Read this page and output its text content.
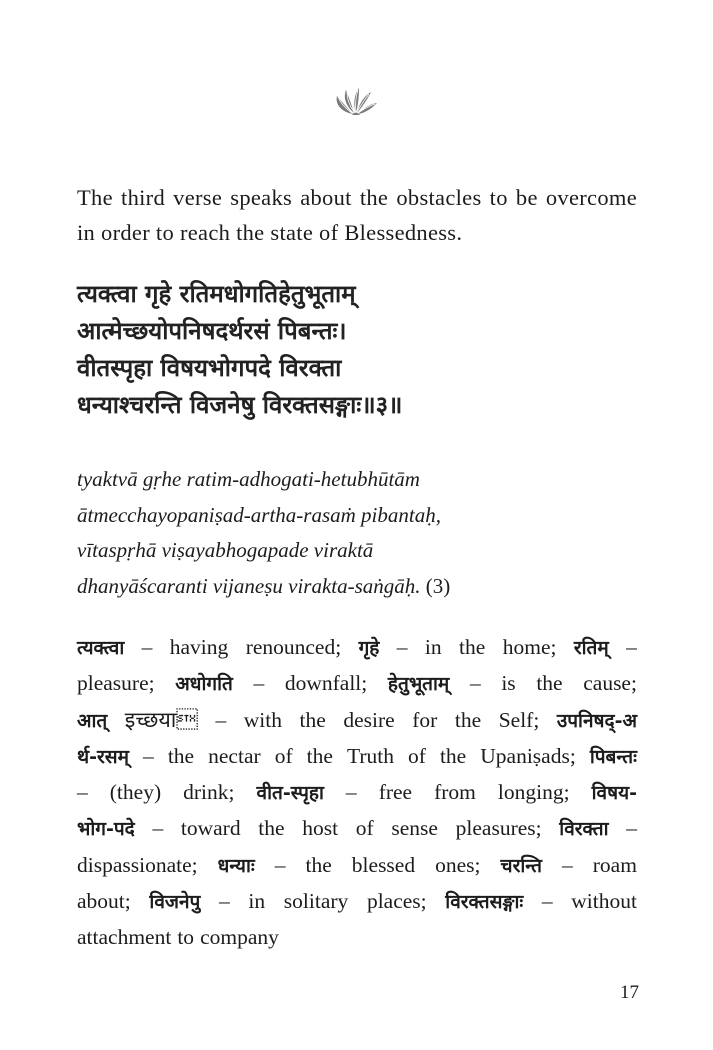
The third verse speaks about the obstacles to be overcome in order to reach the state of Blessedness.
त्यक्त्वा गृहे रतिमधोगतिहेतुभूताम्
आत्मेच्छयोपनिषदर्थरसं पिबन्तः।
वीतस्पृहा विषयभोगपदे विरक्ता
धन्याश्चरन्ति विजनेषु विरक्तसङ्गाः॥३॥
tyaktvā gṛhe ratim-adhogati-hetubhūtām
ātmecchayopaniṣad-artha-rasaṁ pibantaḥ,
vītaspṛhā viṣayabhogapade viraktā
dhanyāścaranti vijaneṣu virakta-saṅgāḥ. (3)
त्यक्त्वा – having renounced; गृहे – in the home; रतिम् –
pleasure; अधोगति – downfall; हेतुभूताम् – is the cause;
आत् इच्छया – with the desire for the Self; उपनिषद्-अ
र्थ-रसम् – the nectar of the Truth of the Upaniṣads; पिबन्तः
– (they) drink; वीत-स्पृहा – free from longing; विषय-
भोग-पदे – toward the host of sense pleasures; विरक्ता –
dispassionate; धन्याः – the blessed ones; चरन्ति – roam
about; विजनेपु – in solitary places; विरक्तसङ्गाः – without
attachment to company
17
